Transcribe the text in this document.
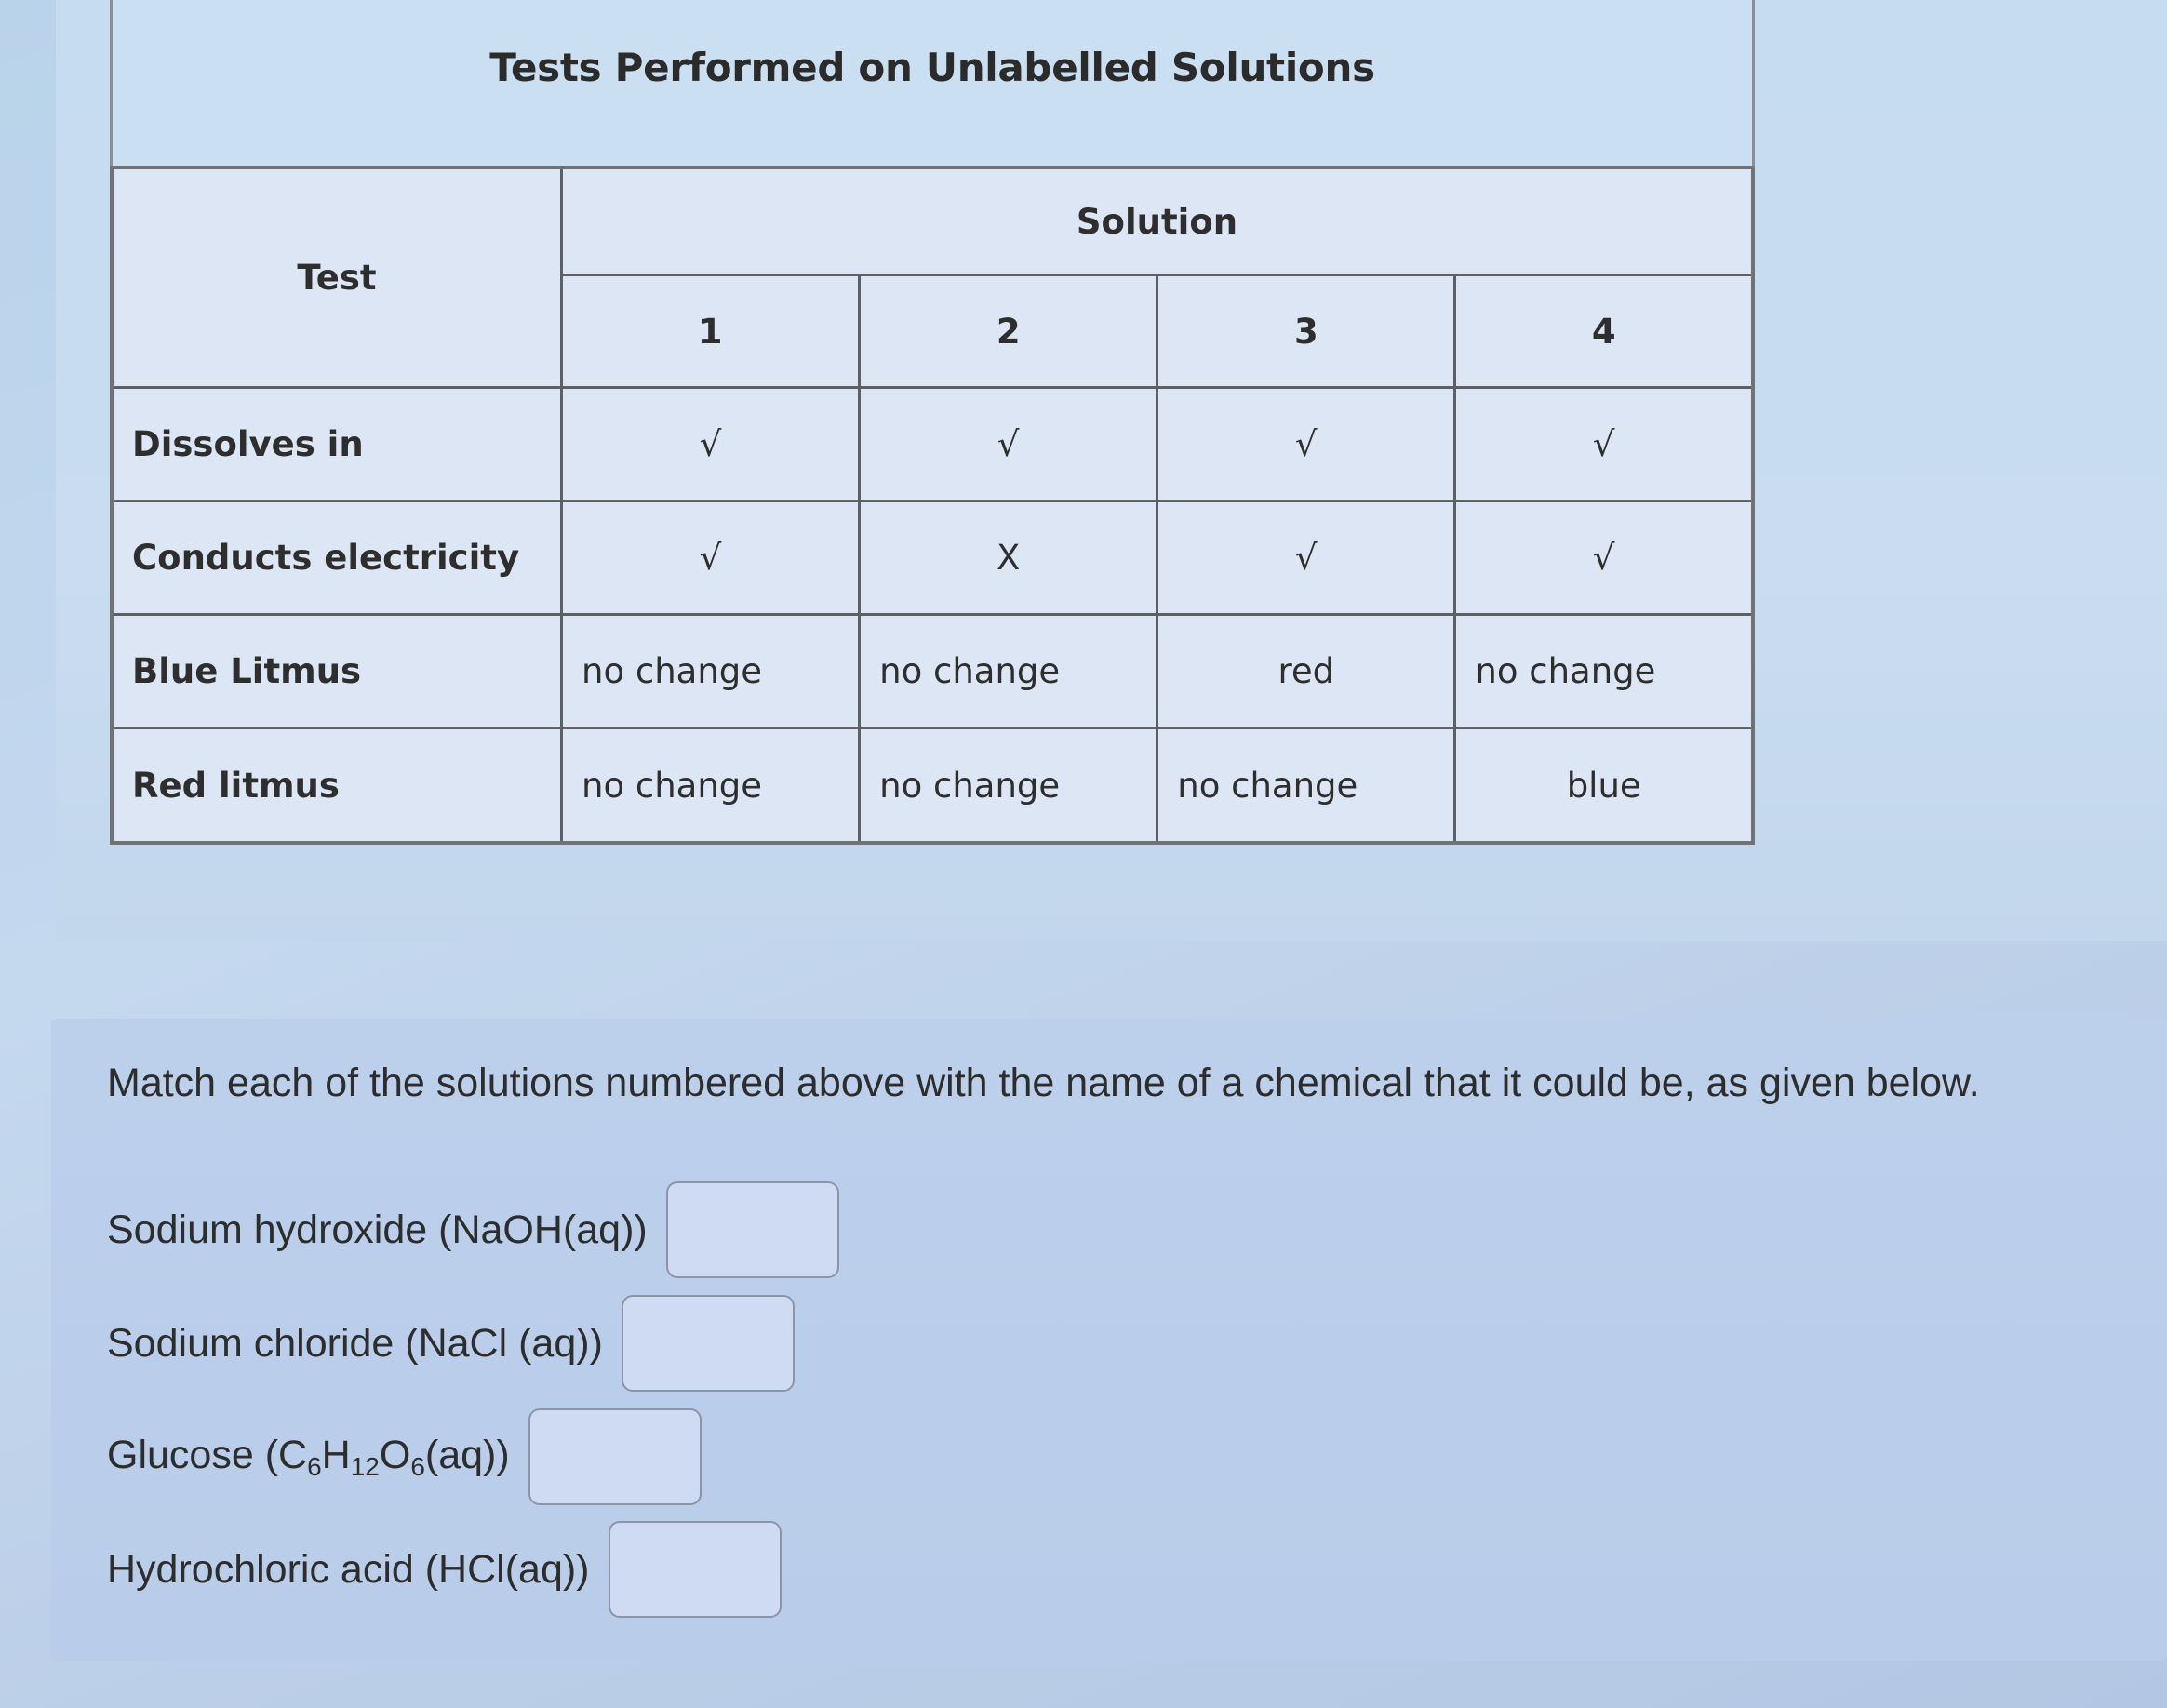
Tests Performed on Unlabelled Solutions
Test	Solution			
	1	2	3	4
Dissolves in	√	√	√	√
Conducts electricity	√	X	√	√
Blue Litmus	no change	no change	red	no change
Red litmus	no change	no change	no change	blue
Match each of the solutions numbered above with the name of a chemical that it could be, as given below.
Sodium hydroxide (NaOH(aq))
Sodium chloride (NaCl (aq))
Glucose $(C_6H_{12}O_6(aq))$
Hydrochloric acid (HCl(aq))
